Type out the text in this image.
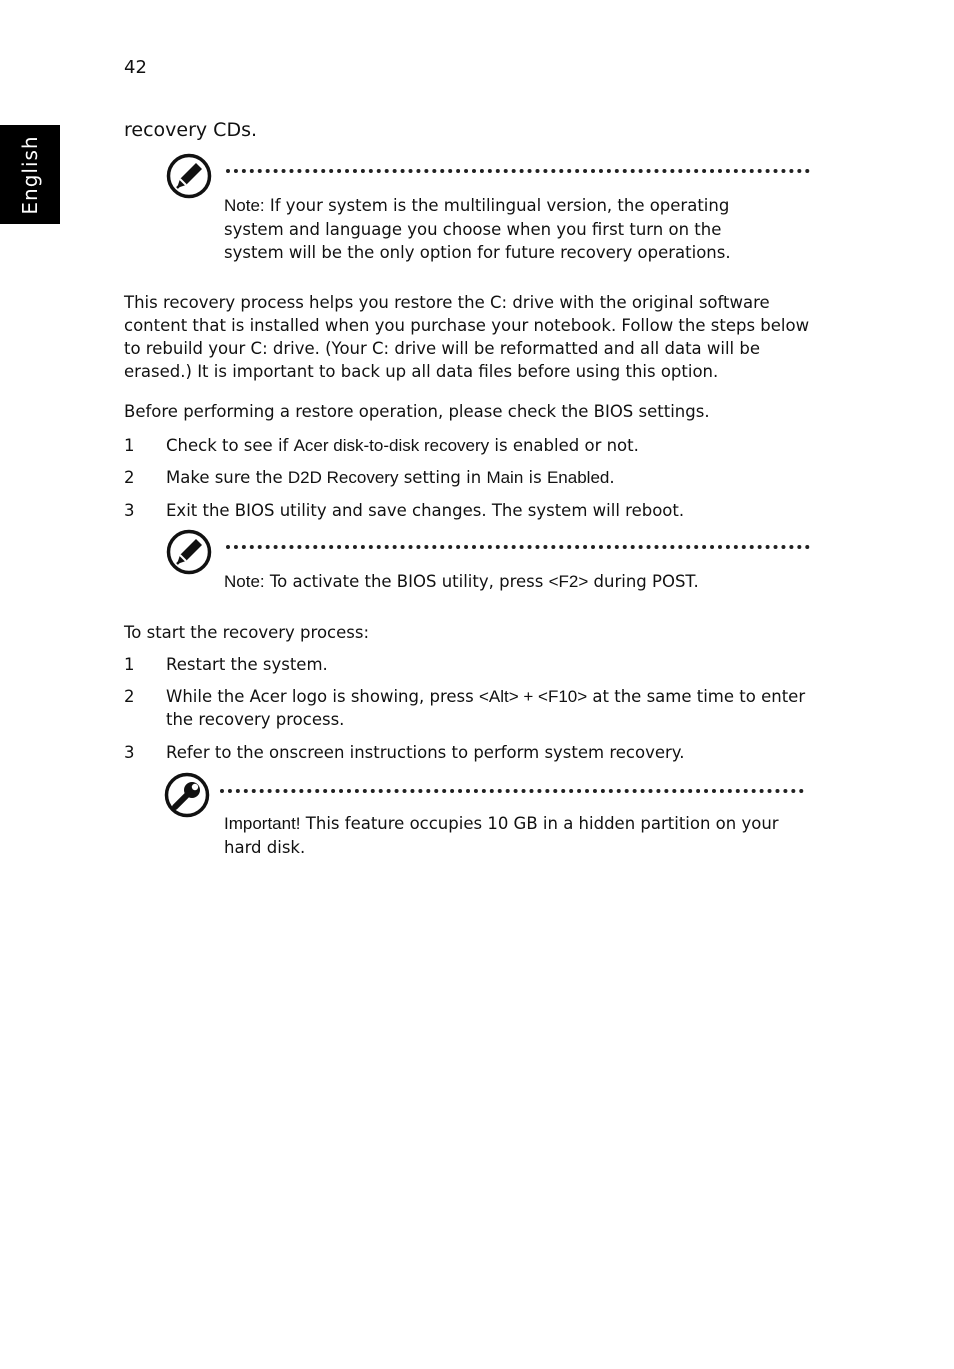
42
English
recovery CDs.
Note: If your system is the multilingual version, the operating system and language you choose when you first turn on the system will be the only option for future recovery operations.
This recovery process helps you restore the C: drive with the original software content that is installed when you purchase your notebook. Follow the steps below to rebuild your C: drive. (Your C: drive will be reformatted and all data will be erased.) It is important to back up all data files before using this option.
Before performing a restore operation, please check the BIOS settings.
1	Check to see if Acer disk-to-disk recovery is enabled or not.
2	Make sure the D2D Recovery setting in Main is Enabled.
3	Exit the BIOS utility and save changes. The system will reboot.
Note: To activate the BIOS utility, press <F2> during POST.
To start the recovery process:
1	Restart the system.
2	While the Acer logo is showing, press <Alt> + <F10> at the same time to enter the recovery process.
3	Refer to the onscreen instructions to perform system recovery.
Important! This feature occupies 10 GB in a hidden partition on your hard disk.
